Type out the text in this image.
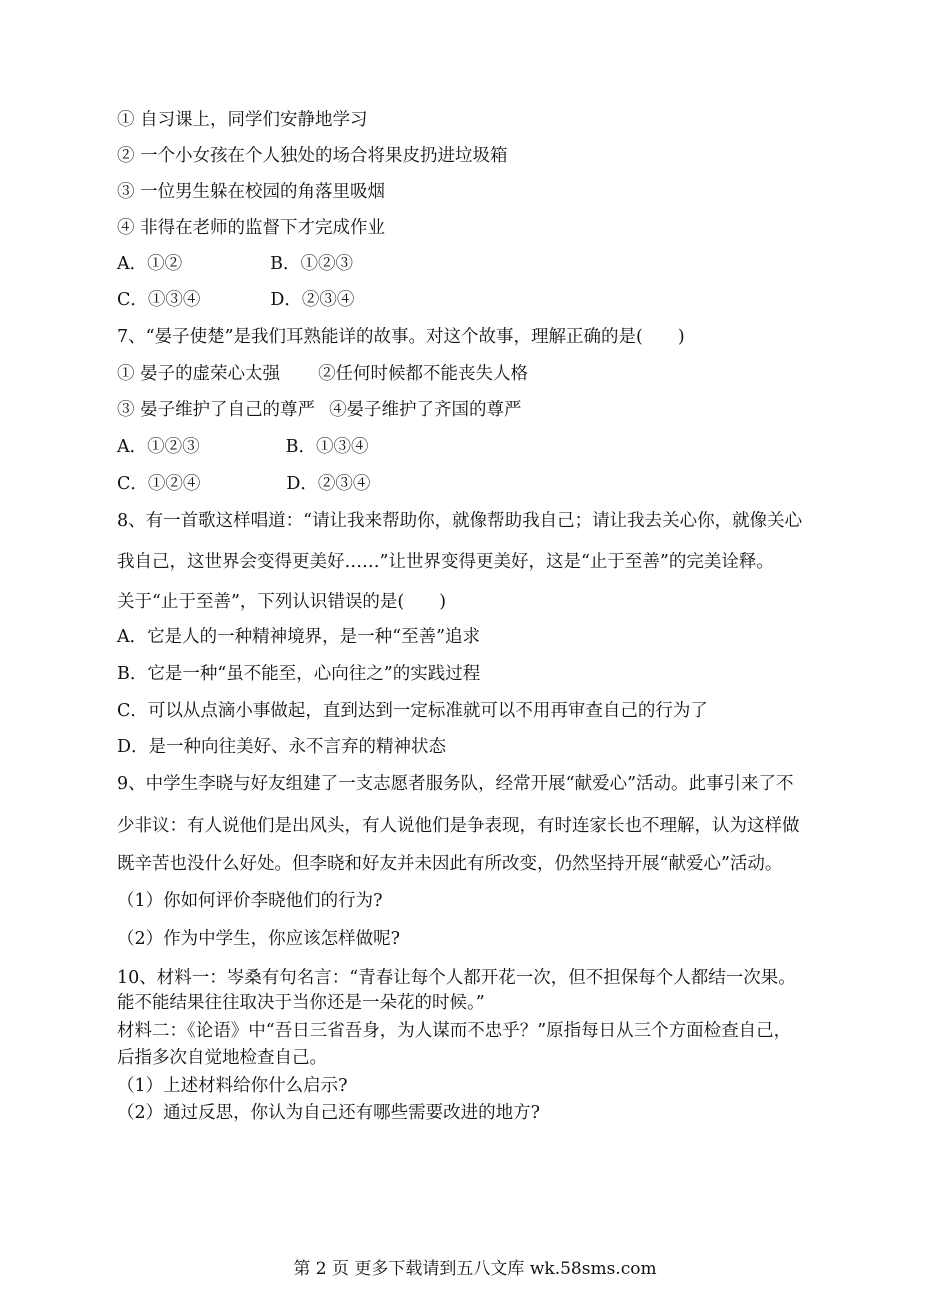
① 自习课上，同学们安静地学习
② 一个小女孩在个人独处的场合将果皮扔进垃圾箱
③ 一位男生躲在校园的角落里吸烟
④ 非得在老师的监督下才完成作业
A．①②	B．①②③
C．①③④	D．②③④
7、“晏子使楚”是我们耳熟能详的故事。对这个故事，理解正确的是(　　)
① 晏子的虚荣心太强 ②任何时候都不能丧失人格
③ 晏子维护了自己的尊严 ④晏子维护了齐国的尊严
A．①②③	B．①③④
C．①②④	D．②③④
8、有一首歌这样唱道：“请让我来帮助你，就像帮助我自己；请让我去关心你，就像关心
我自己，这世界会变得更美好……”让世界变得更美好，这是“止于至善”的完美诠释。
关于“止于至善”，下列认识错误的是(　　)
A．它是人的一种精神境界，是一种“至善”追求
B．它是一种“虽不能至，心向往之”的实践过程
C．可以从点滴小事做起，直到达到一定标准就可以不用再审查自己的行为了
D．是一种向往美好、永不言弃的精神状态
9、中学生李晓与好友组建了一支志愿者服务队，经常开展“献爱心”活动。此事引来了不
少非议：有人说他们是出风头，有人说他们是争表现，有时连家长也不理解，认为这样做
既辛苦也没什么好处。但李晓和好友并未因此有所改变，仍然坚持开展“献爱心”活动。
（1）你如何评价李晓他们的行为?
（2）作为中学生，你应该怎样做呢?
10、材料一：岑桑有句名言：“青春让每个人都开花一次，但不担保每个人都结一次果。
能不能结果往往取决于当你还是一朵花的时候。”
材料二：《论语》中“吾日三省吾身，为人谋而不忠乎？”原指每日从三个方面检查自己，
后指多次自觉地检查自己。
（1）上述材料给你什么启示?
（2）通过反思，你认为自己还有哪些需要改进的地方?
第 2 页 更多下载请到五八文库 wk.58sms.com
